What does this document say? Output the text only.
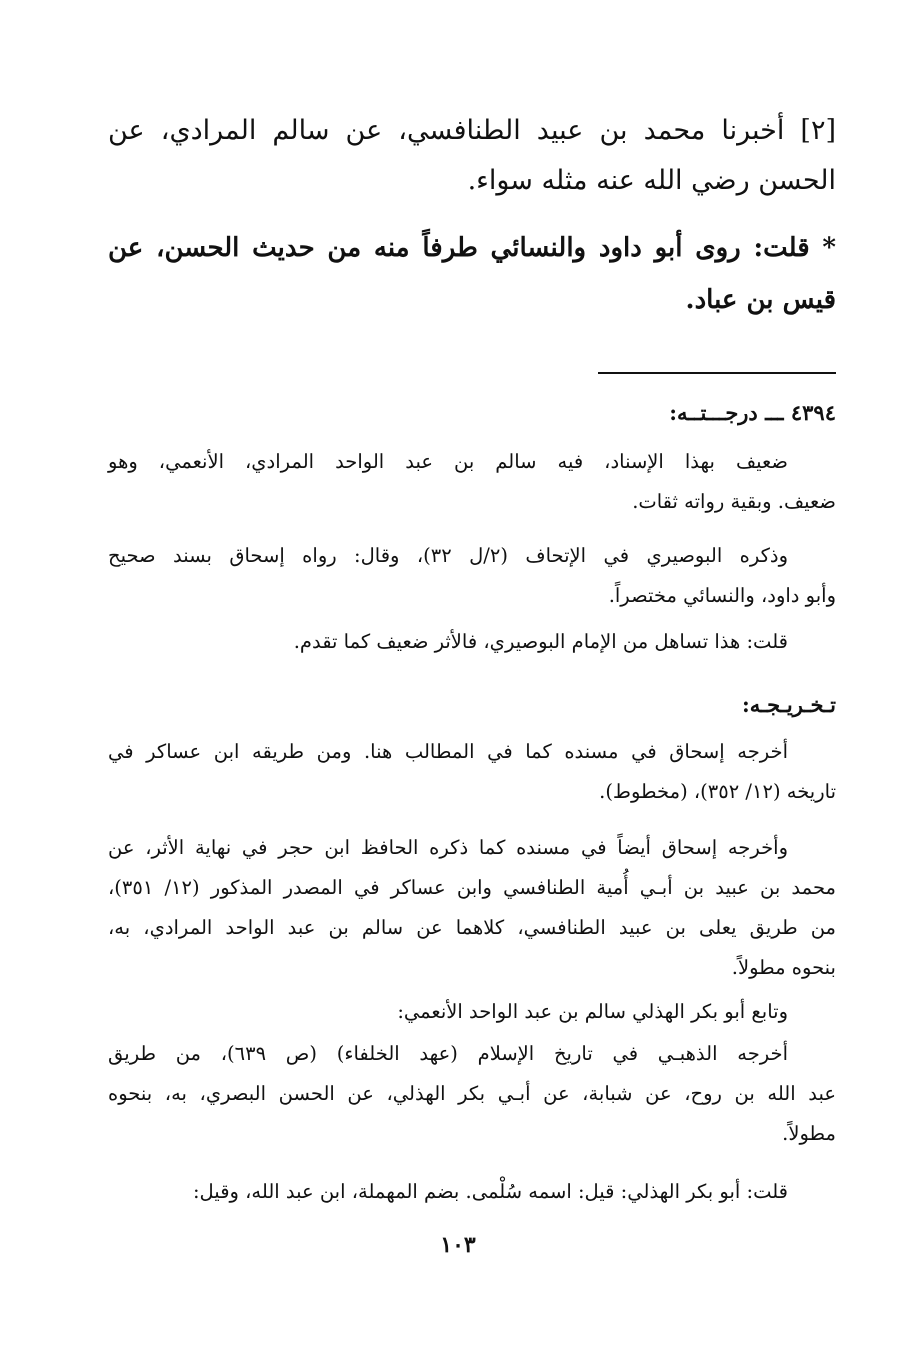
[٢] أخبرنا محمد بن عبيد الطنافسي، عن سالم المرادي، عن
الحسن رضي الله عنه مثله سواء.
* قلت: روى أبو داود والنسائي طرفاً منه من حديث الحسن، عن
قيس بن عباد.
٤٣٩٤ ـــ درجـــتــه:
ضعيف بهذا الإسناد، فيه سالم بن عبد الواحد المرادي، الأنعمي، وهو
ضعيف. وبقية رواته ثقات.
وذكره البوصيري في الإتحاف (٢/ل ٣٢)، وقال: رواه إسحاق بسند صحيح
وأبو داود، والنسائي مختصراً.
قلت: هذا تساهل من الإمام البوصيري، فالأثر ضعيف كما تقدم.
تـخـريـجـه:
أخرجه إسحاق في مسنده كما في المطالب هنا. ومن طريقه ابن عساكر في
تاريخه (١٢/ ٣٥٢)، (مخطوط).
وأخرجه إسحاق أيضاً في مسنده كما ذكره الحافظ ابن حجر في نهاية الأثر، عن
محمد بن عبيد بن أبـي أُمية الطنافسي وابن عساكر في المصدر المذكور (١٢/ ٣٥١)،
من طريق يعلى بن عبيد الطنافسي، كلاهما عن سالم بن عبد الواحد المرادي، به،
بنحوه مطولاً.
وتابع أبو بكر الهذلي سالم بن عبد الواحد الأنعمي:
أخرجه الذهبـي في تاريخ الإسلام (عهد الخلفاء) (ص ٦٣٩)، من طريق
عبد الله بن روح، عن شبابة، عن أبـي بكر الهذلي، عن الحسن البصري، به، بنحوه
مطولاً.
قلت: أبو بكر الهذلي: قيل: اسمه سُلْمى. بضم المهملة، ابن عبد الله، وقيل:
١٠٣
